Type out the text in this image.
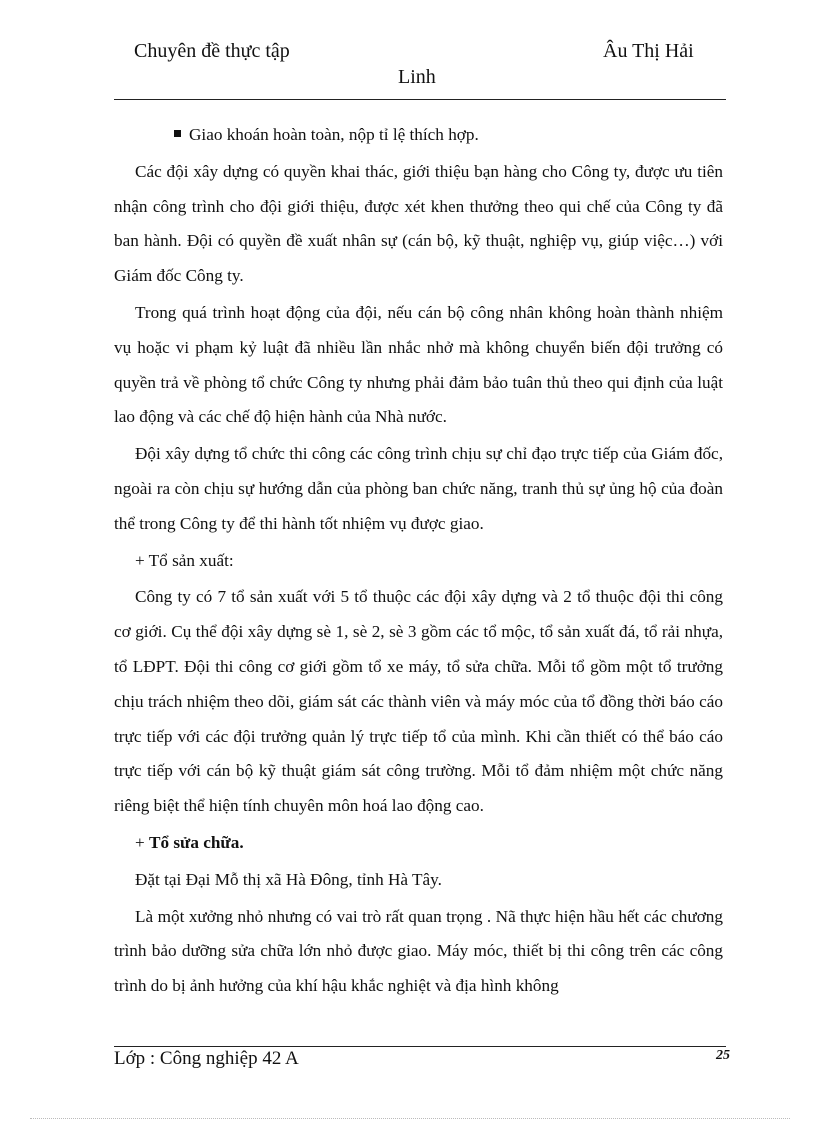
Chuyên đề thực tập	Âu Thị Hải
Linh

Giao khoán hoàn toàn, nộp tỉ lệ thích hợp.

Các đội xây dựng có quyền khai thác, giới thiệu bạn hàng cho Công ty, được ưu tiên nhận công trình cho đội giới thiệu, được xét khen thưởng theo qui chế của Công ty đã ban hành. Đội có quyền đề xuất nhân sự (cán bộ, kỹ thuật, nghiệp vụ, giúp việc…) với Giám đốc Công ty.

Trong quá trình hoạt động của đội, nếu cán bộ công nhân không hoàn thành nhiệm vụ hoặc vi phạm kỷ luật đã nhiều lần nhắc nhở mà không chuyển biến đội trưởng có quyền trả về phòng tổ chức Công ty nhưng phải đảm bảo tuân thủ theo qui định của luật lao động và các chế độ hiện hành của Nhà nước.

Đội xây dựng tổ chức thi công các công trình chịu sự chỉ đạo trực tiếp của Giám đốc, ngoài ra còn chịu sự hướng dẫn của phòng ban chức năng, tranh thủ sự ủng hộ của đoàn thể trong Công ty để thi hành tốt nhiệm vụ được giao.

+ Tổ sản xuất:

Công ty có 7 tổ sản xuất với 5 tổ thuộc các đội xây dựng và 2 tổ thuộc đội thi công cơ giới. Cụ thể đội xây dựng sè 1, sè 2, sè 3 gồm các tổ mộc, tổ sản xuất đá, tổ rải nhựa, tổ LĐPT. Đội thi công cơ giới gồm tổ xe máy, tổ sửa chữa. Mỗi tổ gồm một tổ trưởng chịu trách nhiệm theo dõi, giám sát các thành viên và máy móc của tổ đồng thời báo cáo trực tiếp với các đội trưởng quản lý trực tiếp tổ của mình. Khi cần thiết có thể báo cáo trực tiếp với cán bộ kỹ thuật giám sát công trường. Mỗi tổ đảm nhiệm một chức năng riêng biệt thể hiện tính chuyên môn hoá lao động cao.

+ Tổ sửa chữa.

Đặt tại Đại Mỗ thị xã Hà Đông, tỉnh Hà Tây.

Là một xưởng nhỏ nhưng có vai trò rất quan trọng . Nã thực hiện hầu hết các chương trình bảo dưỡng sửa chữa lớn nhỏ được giao. Máy móc, thiết bị thi công trên các công trình do bị ảnh hưởng của khí hậu khắc nghiệt và địa hình không

Lớp : Công nghiệp 42 A	25
